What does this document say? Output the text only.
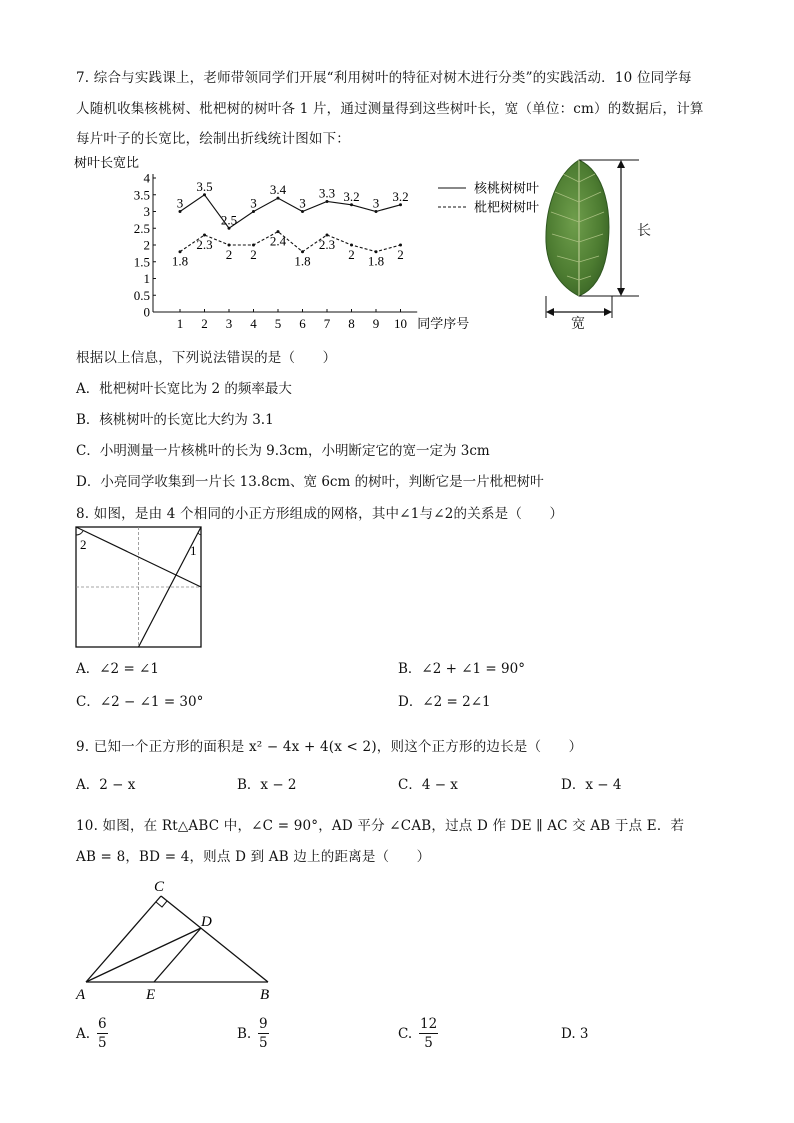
7. 综合与实践课上，老师带领同学们开展“利用树叶的特征对树木进行分类”的实践活动．10 位同学每
人随机收集核桃树、枇杷树的树叶各 1 片，通过测量得到这些树叶长，宽（单位：cm）的数据后，计算
每片叶子的长宽比，绘制出折线统计图如下：
0
0.5
1
1.5
2
2.5
3
3.5
4
1 2 3 4 5 6 7 8 9 10
树叶长宽比
同学序号
3
3.5
2.5
3
3.4
3
3.3 3.2 3 3.2
1.8
2.3
2 2
2.4
1.8
2.3
2 1.8 2
核桃树树叶
枇杷树树叶
长
宽
根据以上信息，下列说法错误的是（　　）
A．枇杷树叶长宽比为 2 的频率最大
B．核桃树叶的长宽比大约为 3.1
C．小明测量一片核桃叶的长为 9.3cm，小明断定它的宽一定为 3cm
D．小亮同学收集到一片长 13.8cm、宽 6cm 的树叶，判断它是一片枇杷树叶
8. 如图，是由 4 个相同的小正方形组成的网格，其中∠1与∠2的关系是（　　）
2	1
A．∠2 = ∠1	B．∠2 + ∠1 = 90°
C．∠2 − ∠1 = 30°	D．∠2 = 2∠1
9. 已知一个正方形的面积是 x² − 4x + 4(x < 2)，则这个正方形的边长是（　　）
A．2 − x	B．x − 2	C．4 − x	D．x − 4
10. 如图，在 Rt△ABC 中，∠C = 90°，AD 平分 ∠CAB，过点 D 作 DE ∥ AC 交 AB 于点 E．若
AB = 8，BD = 4，则点 D 到 AB 边上的距离是（　　）
C
D
A	E	B
A. $\frac{6}{5}$	B. $\frac{9}{5}$	C. $\frac{12}{5}$	D. 3
